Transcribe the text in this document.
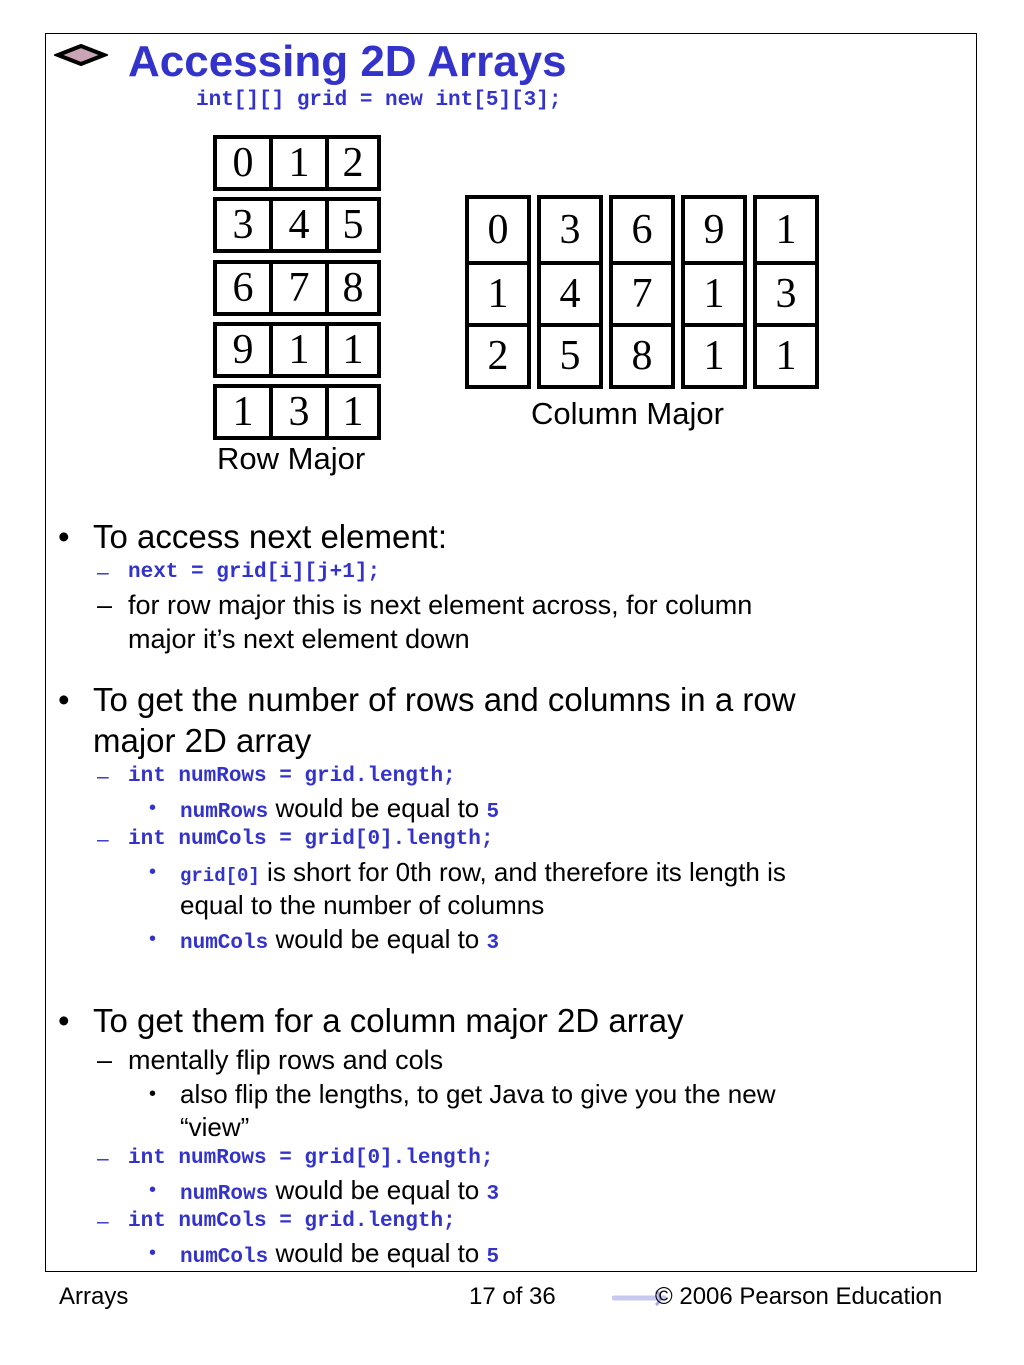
Accessing 2D Arrays
int[][] grid = new int[5][3];
0 1 2
3 4 5
6 7 8
9 1 1
1 3 1
Row Major
0
1
2
3
4
5
6
7
8
9
1
1
1
3
1
Column Major
• To access next element:
– next = grid[i][j+1];
– for row major this is next element across, for column
major it’s next element down
• To get the number of rows and columns in a row
major 2D array
– int numRows = grid.length;
• numRows would be equal to 5
– int numCols = grid[0].length;
• grid[0] is short for 0th row, and therefore its length is
equal to the number of columns
• numCols would be equal to 3
• To get them for a column major 2D array
– mentally flip rows and cols
• also flip the lengths, to get Java to give you the new
“view”
– int numRows = grid[0].length;
• numRows would be equal to 3
– int numCols = grid.length;
• numCols would be equal to 5
Arrays	17 of 36	© 2006 Pearson Education
